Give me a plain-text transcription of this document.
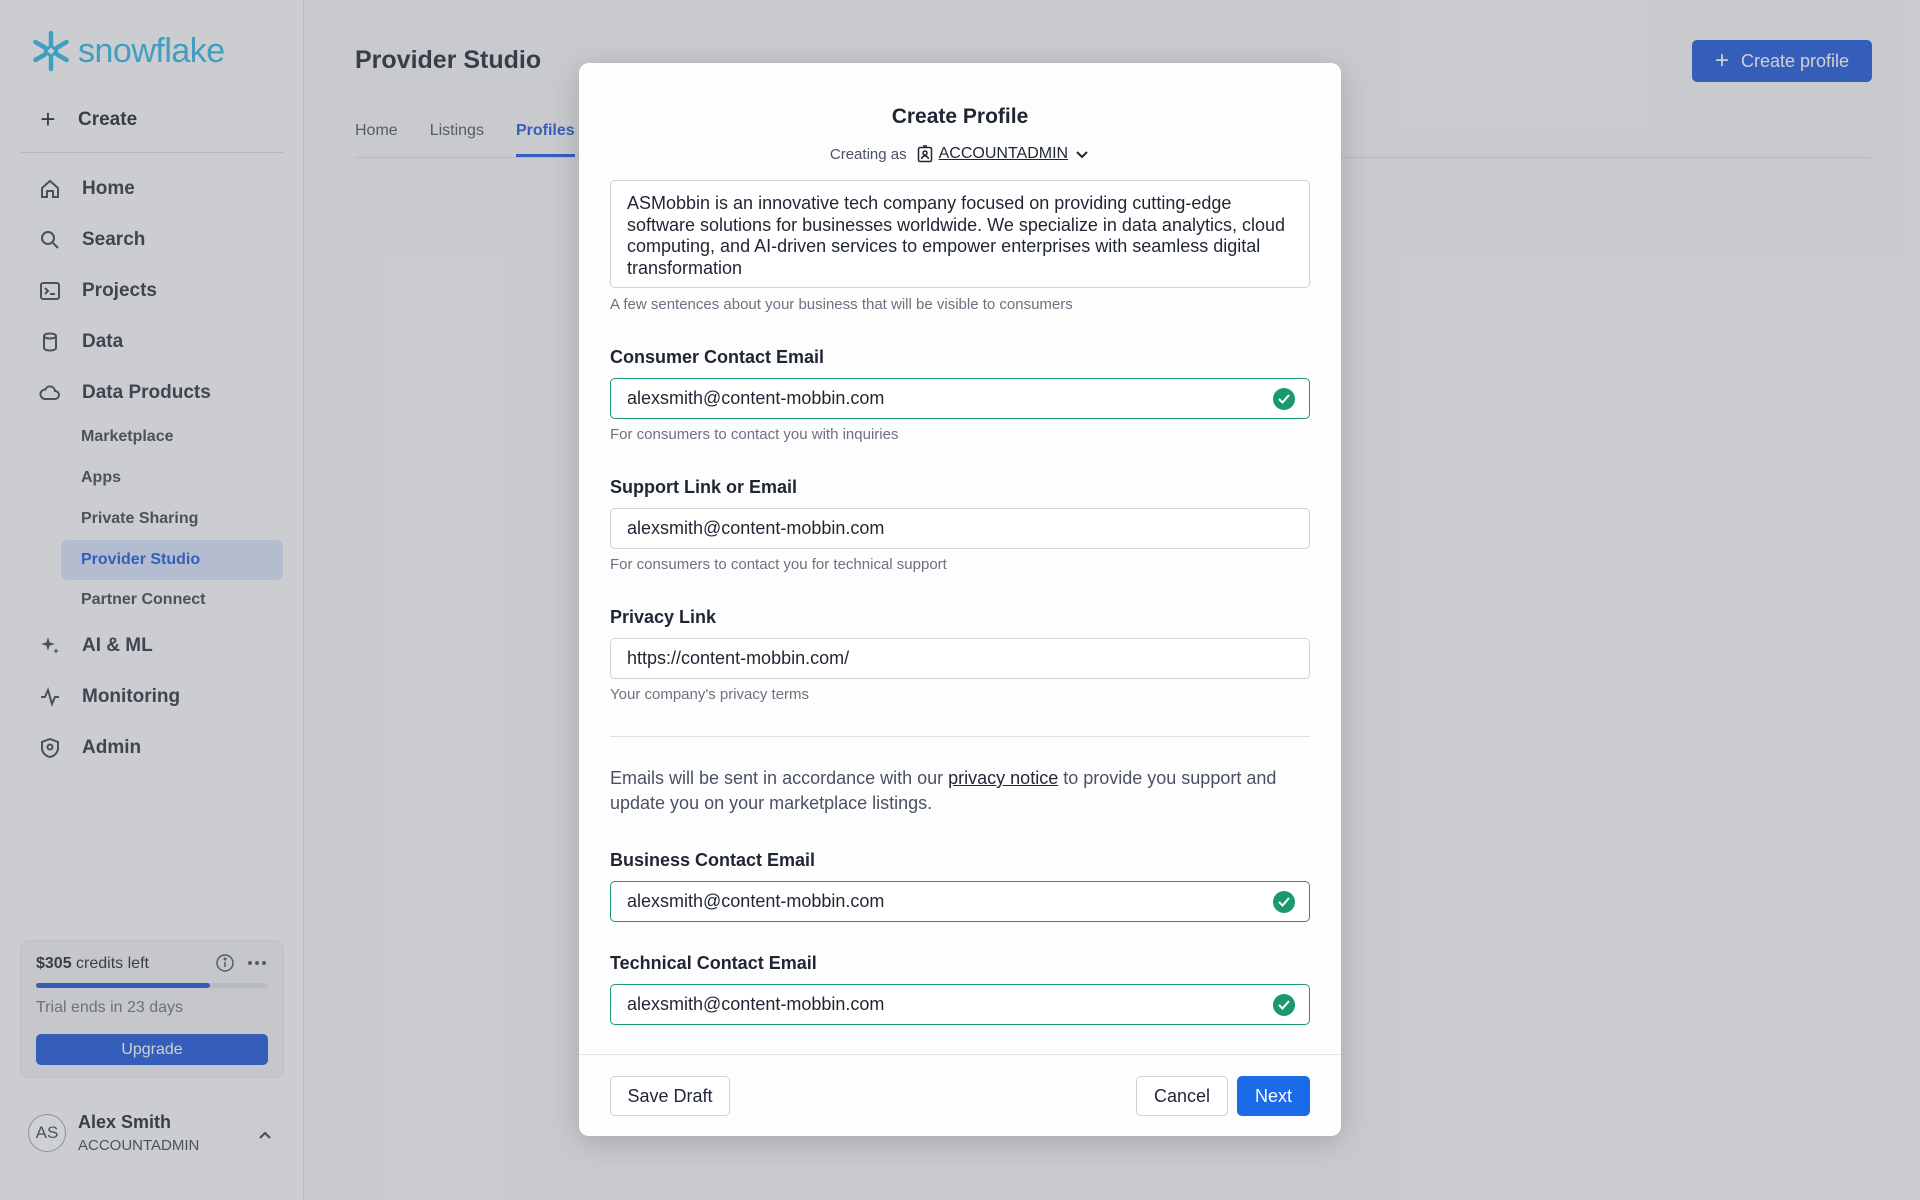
snowflake
+ Create
Home
Search
Projects
Data
Data Products
Marketplace
Apps
Private Sharing
Provider Studio
Partner Connect
AI & ML
Monitoring
Admin
$305 credits left
Trial ends in 23 days
Upgrade
AS
Alex Smith
ACCOUNTADMIN
Provider Studio	+ Create profile
Home Listings Profiles
Create Profile
Creating as ACCOUNTADMIN
ASMobbin is an innovative tech company focused on providing cutting-edge software solutions for businesses worldwide. We specialize in data analytics, cloud computing, and AI-driven services to empower enterprises with seamless digital transformation
A few sentences about your business that will be visible to consumers
Consumer Contact Email
alexsmith@content-mobbin.com
For consumers to contact you with inquiries
Support Link or Email
alexsmith@content-mobbin.com
For consumers to contact you for technical support
Privacy Link
https://content-mobbin.com/
Your company's privacy terms
Emails will be sent in accordance with our privacy notice to provide you support and update you on your marketplace listings.
Business Contact Email
alexsmith@content-mobbin.com
Technical Contact Email
alexsmith@content-mobbin.com
Save Draft	Cancel	Next
